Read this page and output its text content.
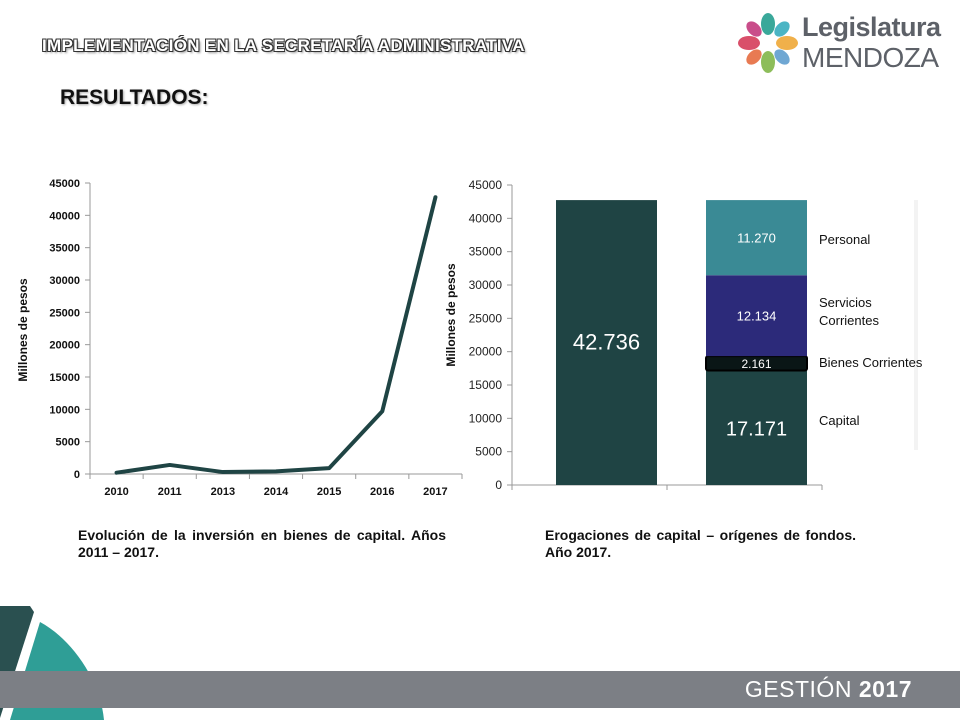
IMPLEMENTACIÓN EN LA SECRETARÍA ADMINISTRATIVA
RESULTADOS:
Legislatura
MENDOZA
Millones de pesos
0
5000
10000
15000
20000
25000
30000
35000
40000
45000
2010	2011	2013	2014	2015	2016	2017
Millones de pesos
0
5000
10000
15000
20000
25000
30000
35000
40000
45000
42.736
17.171
2.161
12.134
11.270	Personal
Servicios
Corrientes
Bienes Corrientes
Capital
Evolución de la inversión en bienes de capital. Años 2011 – 2017.
Erogaciones de capital – orígenes de fondos. Año 2017.
GESTIÓN 2017
